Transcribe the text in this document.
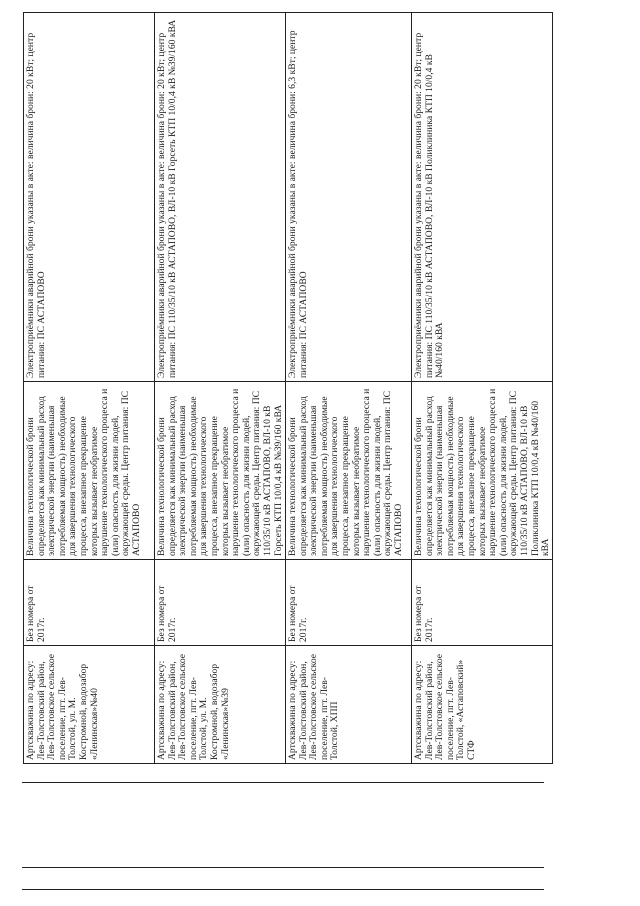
Артскважина по адресу: Лев-Толстовский район, Лев-Толстовское сельское поселение, пгт. Лев-Толстой, ул. М. Костромной, водозабор «Ленинская»№40	Без номера от 2017г.	Величина технологической брони определяется как минимальный расход электрической энергии (наименьшая потребляемая мощность) необходимые для завершения технологического процесса, внезапное прекращение которых вызывает необратимое нарушение технологического процесса и (или) опасность для жизни людей, окружающей среды. Центр питания: ПС АСТАПОВО	Электроприёмники аварийной брони указаны в акте: величина брони: 20 кВт; центр питания: ПС АСТАПОВО
Артскважина по адресу: Лев-Толстовский район, Лев-Толстовское сельское поселение, пгт. Лев-Толстой, ул. М. Костромной, водозабор «Ленинская»№39	Без номера от 2017г.	Величина технологической брони определяется как минимальный расход электрической энергии (наименьшая потребляемая мощность) необходимые для завершения технологического процесса, внезапное прекращение которых вызывает необратимое нарушение технологического процесса и (или) опасность для жизни людей, окружающей среды. Центр питания: ПС 110/35/10 кВ АСТАПОВО, ВЛ-10 кВ Горсеть КТП 10/0,4 кВ №39/160 кВА	Электроприёмники аварийной брони указаны в акте: величина брони: 20 кВт; центр питания: ПС 110/35/10 кВ АСТАПОВО, ВЛ-10 кВ Горсеть КТП 10/0,4 кВ №39/160 кВА
Артскважина по адресу: Лев-Толстовский район, Лев-Толстовское сельское поселение, пгт. Лев-Толстой, ХПП	Без номера от 2017г.	Величина технологической брони определяется как минимальный расход электрической энергии (наименьшая потребляемая мощность) необходимые для завершения технологического процесса, внезапное прекращение которых вызывает необратимое нарушение технологического процесса и (или) опасность для жизни людей, окружающей среды. Центр питания: ПС АСТАПОВО	Электроприёмники аварийной брони указаны в акте: величина брони: 6,3 кВт; центр питания: ПС АСТАПОВО
Артскважина по адресу: Лев-Толстовский район, Лев-Толстовское сельское поселение, пгт. Лев-Толстой, «Астаповский» СТФ	Без номера от 2017г.	Величина технологической брони определяется как минимальный расход электрической энергии (наименьшая потребляемая мощность) необходимые для завершения технологического процесса, внезапное прекращение которых вызывает необратимое нарушение технологического процесса и (или) опасность для жизни людей, окружающей среды. Центр питания: ПС 110/35/10 кВ АСТАПОВО, ВЛ-10 кВ Поликлиника КТП 10/0,4 кВ №40/160 кВА	Электроприёмники аварийной брони указаны в акте: величина брони: 20 кВт; центр питания: ПС 110/35/10 кВ АСТАПОВО, ВЛ-10 кВ Поликлиника КТП 10/0,4 кВ №40/160 кВА
